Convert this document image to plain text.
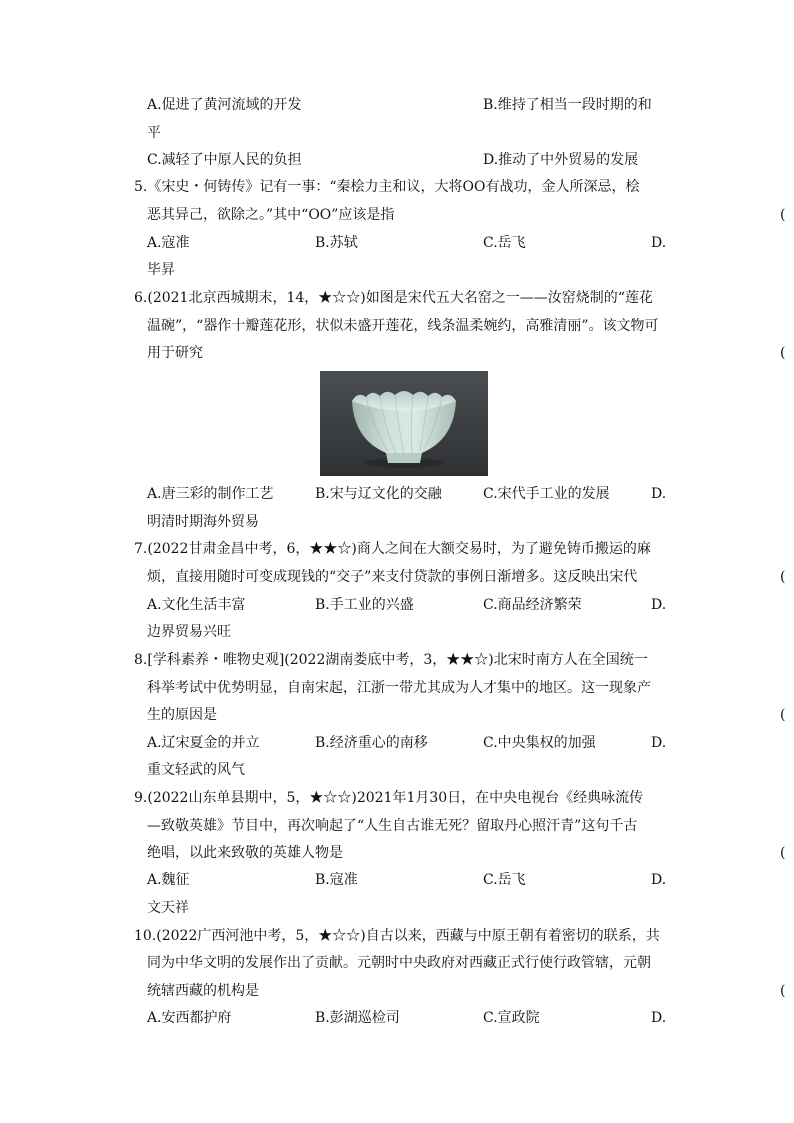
A.促进了黄河流域的开发	B.维持了相当一段时期的和
平
C.减轻了中原人民的负担	D.推动了中外贸易的发展
5.《宋史・何铸传》记有一事：“秦桧力主和议，大将OO有战功，金人所深忌，桧
恶其异己，欲除之。”其中“OO”应该是指	(
A.寇准	B.苏轼	C.岳飞	D.
毕昇
6.(2021北京西城期末，14，★☆☆)如图是宋代五大名窑之一——汝窑烧制的“莲花
温碗”，“器作十瓣莲花形，状似未盛开莲花，线条温柔婉约，高雅清丽”。该文物可
用于研究	(
A.唐三彩的制作工艺	B.宋与辽文化的交融	C.宋代手工业的发展	D.
明清时期海外贸易
7.(2022甘肃金昌中考，6，★★☆)商人之间在大额交易时，为了避免铸币搬运的麻
烦，直接用随时可变成现钱的“交子”来支付贷款的事例日渐增多。这反映出宋代	(
A.文化生活丰富	B.手工业的兴盛	C.商品经济繁荣	D.
边界贸易兴旺
8.[学科素养・唯物史观](2022湖南娄底中考，3，★★☆)北宋时南方人在全国统一
科举考试中优势明显，自南宋起，江浙一带尤其成为人才集中的地区。这一现象产
生的原因是	(
A.辽宋夏金的并立	B.经济重心的南移	C.中央集权的加强	D.
重文轻武的风气
9.(2022山东单县期中，5，★☆☆)2021年1月30日，在中央电视台《经典咏流传
—致敬英雄》节目中，再次响起了“人生自古谁无死？留取丹心照汗青”这句千古
绝唱，以此来致敬的英雄人物是	(
A.魏征	B.寇准	C.岳飞	D.
文天祥
10.(2022广西河池中考，5，★☆☆)自古以来，西藏与中原王朝有着密切的联系，共
同为中华文明的发展作出了贡献。元朝时中央政府对西藏正式行使行政管辖，元朝
统辖西藏的机构是	(
A.安西都护府	B.彭湖巡检司	C.宣政院	D.
